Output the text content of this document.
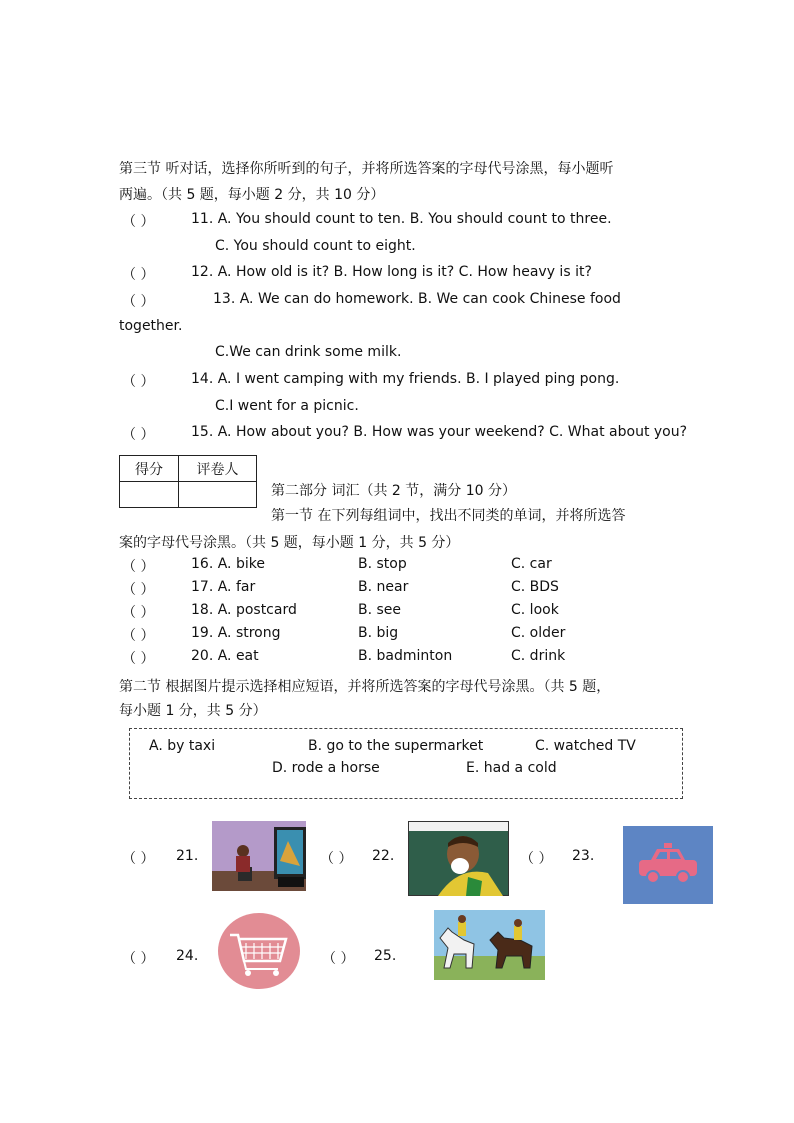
第三节 听对话，选择你所听到的句子，并将所选答案的字母代号涂黑，每小题听
两遍。（共 5 题，每小题 2 分，共 10 分）
（ ）	11. A. You should count to ten. B. You should count to three.
C. You should count to eight.
（ ）	12. A. How old is it? B. How long is it? C. How heavy is it?
（ ）	13. A. We can do homework. B. We can cook Chinese food
together.
C.We can drink some milk.
（ ）	14. A. I went camping with my friends. B. I played ping pong.
C.I went for a picnic.
（ ）	15. A. How about you? B. How was your weekend? C. What about you?
得分	评卷人

第二部分 词汇（共 2 节，满分 10 分）
第一节 在下列每组词中，找出不同类的单词，并将所选答
案的字母代号涂黑。（共 5 题，每小题 1 分，共 5 分）
（ ）	16. A. bike	B. stop	C. car
（ ）	17. A. far	B. near	C. BDS
（ ）	18. A. postcard	B. see	C. look
（ ）	19. A. strong	B. big	C. older
（ ）	20. A. eat	B. badminton	C. drink
第二节 根据图片提示选择相应短语，并将所选答案的字母代号涂黑。（共 5 题，
每小题 1 分，共 5 分）
A. by taxi	B. go to the supermarket	C. watched TV
D. rode a horse	E. had a cold
（ ） 21.	（ ） 22.	（ ） 23.
（ ） 24.	（ ） 25.
